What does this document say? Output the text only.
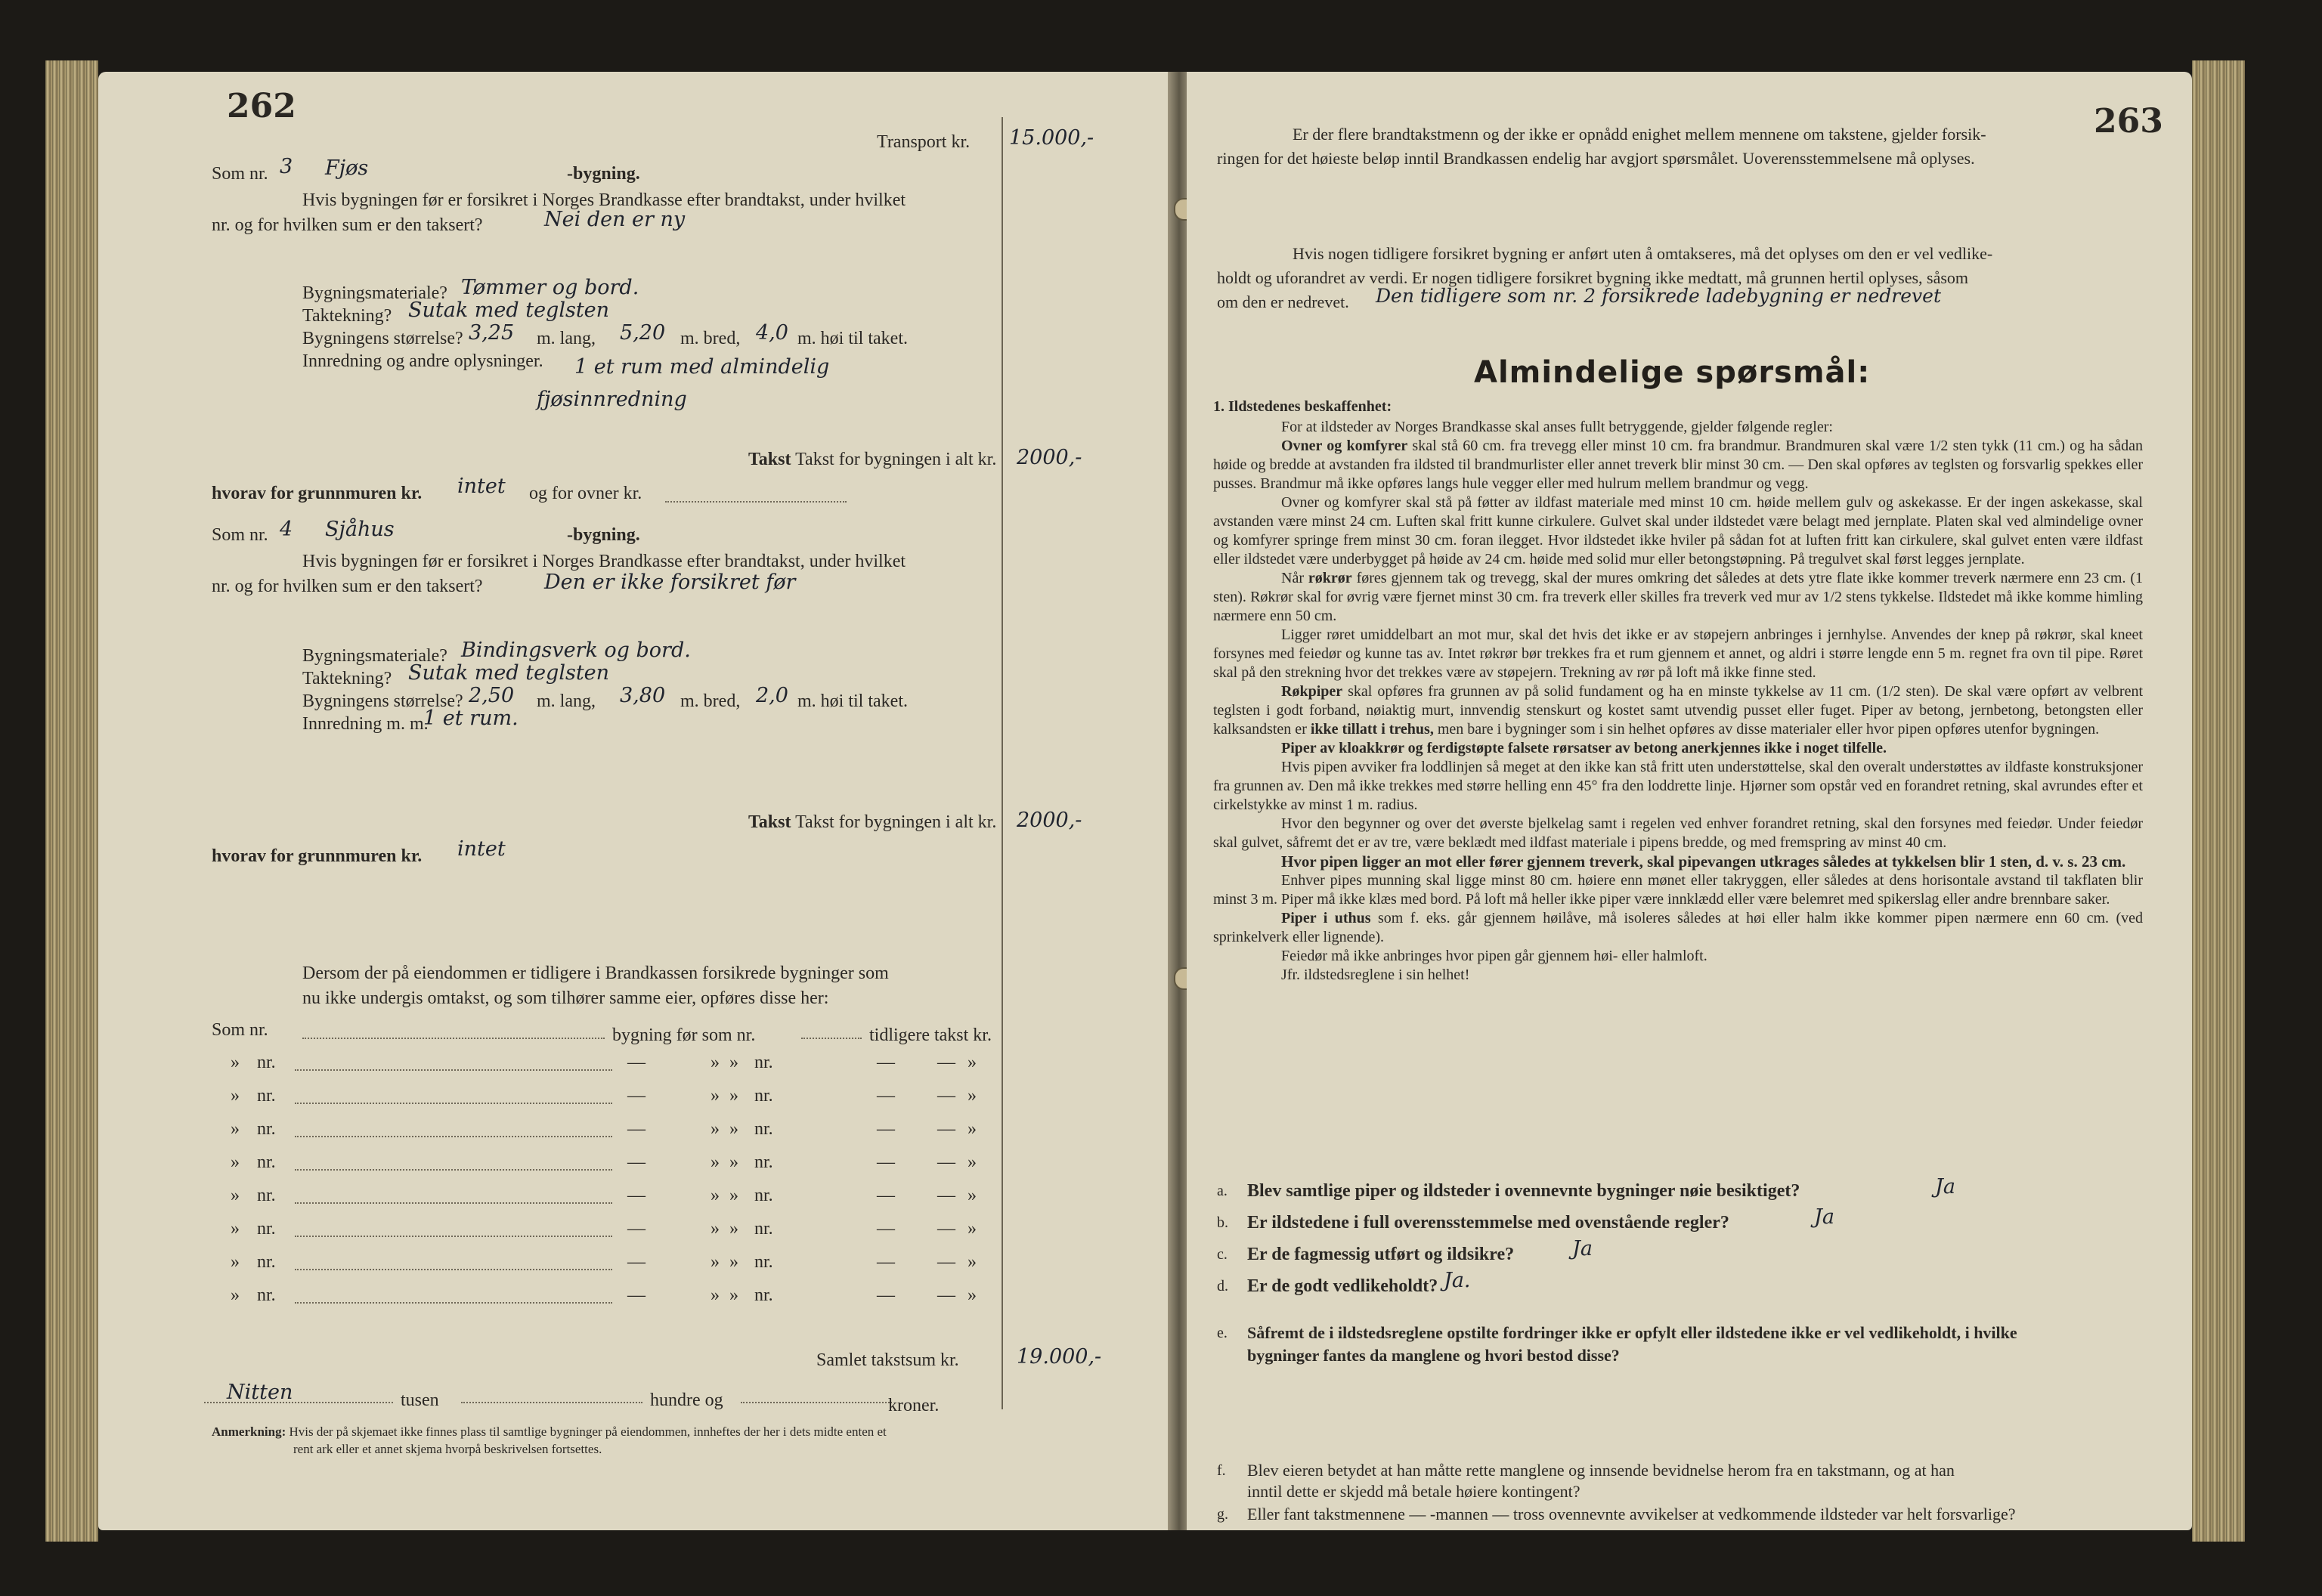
262
Transport kr. 15.000,-
Som nr. 3 Fjøs	-bygning.
Hvis bygningen før er forsikret i Norges Brandkasse efter brandtakst, under hvilket
nr. og for hvilken sum er den taksert?	Nei den er ny
Bygningsmateriale? Tømmer og bord.
Taktekning? Sutak med teglsten
Bygningens størrelse? 3,25 m. lang, 5,20 m. bred, 4,0 m. høi til taket.
Innredning og andre oplysninger. 1 et rum med almindelig
fjøsinnredning
Takst Takst for bygningen i alt kr. 2000,-
hvorav for grunnmuren kr. intet og for ovner kr.
Som nr. 4 Sjåhus	-bygning.
Hvis bygningen før er forsikret i Norges Brandkasse efter brandtakst, under hvilket
nr. og for hvilken sum er den taksert?	Den er ikke forsikret før
Bygningsmateriale? Bindingsverk og bord.
Taktekning? Sutak med teglsten
Bygningens størrelse? 2,50 m. lang, 3,80 m. bred, 2,0 m. høi til taket.
Innredning m. m.
1 et rum.
Takst Takst for bygningen i alt kr. 2000,-
hvorav for grunnmuren kr. intet
Dersom der på eiendommen er tidligere i Brandkassen forsikrede bygninger som
nu ikke undergis omtakst, og som tilhører samme eier, opføres disse her:
Som nr.	bygning før som nr.	tidligere takst kr.
» nr.	—	» » nr.	— — »
» nr.	—	» » nr.	— — »
» nr.	—	» » nr.	— — »
» nr.	—	» » nr.	— — »
» nr.	—	» » nr.	— — »
» nr.	—	» » nr.	— — »
» nr.	—	» » nr.	— — »
» nr.	—	» » nr.	— — »
Samlet takstsum kr.	19.000,-
Nitten	tusen	hundre og	kroner.
Anmerkning: Hvis der på skjemaet ikke finnes plass til samtlige bygninger på eiendommen, innheftes der her i dets midte enten et
rent ark eller et annet skjema hvorpå beskrivelsen fortsettes.
263
Er der flere brandtakstmenn og der ikke er opnådd enighet mellem mennene om takstene, gjelder forsik-
ringen for det høieste beløp inntil Brandkassen endelig har avgjort spørsmålet. Uoverensstemmelsene må oplyses.
Hvis nogen tidligere forsikret bygning er anført uten å omtakseres, må det oplyses om den er vel vedlike-
holdt og uforandret av verdi. Er nogen tidligere forsikret bygning ikke medtatt, må grunnen hertil oplyses, såsom
om den er nedrevet. Den tidligere som nr. 2 forsikrede ladebygning er nedrevet
Almindelige spørsmål:
1. Ildstedenes beskaffenhet:
For at ildsteder av Norges Brandkasse skal anses fullt betryggende, gjelder følgende regler:
Ovner og komfyrer skal stå 60 cm. fra trevegg eller minst 10 cm. fra brandmur. Brandmuren skal være 1/2 sten tykk (11 cm.) og ha sådan høide og bredde at avstanden fra ildsted til brandmurlister eller annet treverk blir minst 30 cm. — Den skal opføres av teglsten og forsvarlig spekkes eller pusses. Brandmur må ikke opføres langs hule vegger eller med hulrum mellem brandmur og vegg.
Ovner og komfyrer skal stå på føtter av ildfast materiale med minst 10 cm. høide mellem gulv og askekasse. Er der ingen askekasse, skal avstanden være minst 24 cm. Luften skal fritt kunne cirkulere. Gulvet skal under ildstedet være belagt med jernplate. Platen skal ved almindelige ovner og komfyrer springe frem minst 30 cm. foran ilegget. Hvor ildstedet ikke hviler på sådan fot at luften fritt kan cirkulere, skal gulvet enten være ildfast eller ildstedet være underbygget på høide av 24 cm. høide med solid mur eller betongstøpning. På tregulvet skal først legges jernplate.
Når røkrør føres gjennem tak og trevegg, skal der mures omkring det således at dets ytre flate ikke kommer treverk nærmere enn 23 cm. (1 sten). Røkrør skal for øvrig være fjernet minst 30 cm. fra treverk eller skilles fra treverk ved mur av 1/2 stens tykkelse. Ildstedet må ikke komme himling nærmere enn 50 cm.
Ligger røret umiddelbart an mot mur, skal det hvis det ikke er av støpejern anbringes i jernhylse. Anvendes der knep på røkrør, skal kneet forsynes med feiedør og kunne tas av. Intet røkrør bør trekkes fra et rum gjennem et annet, og aldri i større lengde enn 5 m. regnet fra ovn til pipe. Røret skal på den strekning hvor det trekkes være av støpejern. Trekning av rør på loft må ikke finne sted.
Røkpiper skal opføres fra grunnen av på solid fundament og ha en minste tykkelse av 11 cm. (1/2 sten). De skal være opført av velbrent teglsten i godt forband, nøiaktig murt, innvendig stenskurt og kostet samt utvendig pusset eller fuget. Piper av betong, jernbetong, betongsten eller kalksandsten er ikke tillatt i trehus, men bare i bygninger som i sin helhet opføres av disse materialer eller hvor pipen opføres utenfor bygningen.
Piper av kloakkrør og ferdigstøpte falsete rørsatser av betong anerkjennes ikke i noget tilfelle.
Hvis pipen avviker fra loddlinjen så meget at den ikke kan stå fritt uten understøttelse, skal den overalt understøttes av ildfaste konstruksjoner fra grunnen av. Den må ikke trekkes med større helling enn 45° fra den loddrette linje. Hjørner som opstår ved en forandret retning, skal avrundes efter et cirkelstykke av minst 1 m. radius.
Hvor den begynner og over det øverste bjelkelag samt i regelen ved enhver forandret retning, skal den forsynes med feiedør. Under feiedør skal gulvet, såfremt det er av tre, være beklædt med ildfast materiale i pipens bredde, og med fremspring av minst 40 cm.
Hvor pipen ligger an mot eller fører gjennem treverk, skal pipevangen utkrages således at tykkelsen blir 1 sten, d. v. s. 23 cm.
Enhver pipes munning skal ligge minst 80 cm. høiere enn mønet eller takryggen, eller således at dens horisontale avstand til takflaten blir minst 3 m. Piper må ikke klæs med bord. På loft må heller ikke piper være innklædd eller være belemret med spikerslag eller andre brennbare saker.
Piper i uthus som f. eks. går gjennem høilåve, må isoleres således at høi eller halm ikke kommer pipen nærmere enn 60 cm. (ved sprinkelverk eller lignende).
Feiedør må ikke anbringes hvor pipen går gjennem høi- eller halmloft.
Jfr. ildstedsreglene i sin helhet!
a. Blev samtlige piper og ildsteder i ovennevnte bygninger nøie besiktiget?	Ja
b. Er ildstedene i full overensstemmelse med ovenstående regler?	Ja
c. Er de fagmessig utført og ildsikre?	Ja
d. Er de godt vedlikeholdt? Ja.
e. Såfremt de i ildstedsreglene opstilte fordringer ikke er opfylt eller ildstedene ikke er vel vedlikeholdt, i hvilke
bygninger fantes da manglene og hvori bestod disse?
f. Blev eieren betydet at han måtte rette manglene og innsende bevidnelse herom fra en takstmann, og at han
inntil dette er skjedd må betale høiere kontingent?
g. Eller fant takstmennene — -mannen — tross ovennevnte avvikelser at vedkommende ildsteder var helt forsvarlige?
